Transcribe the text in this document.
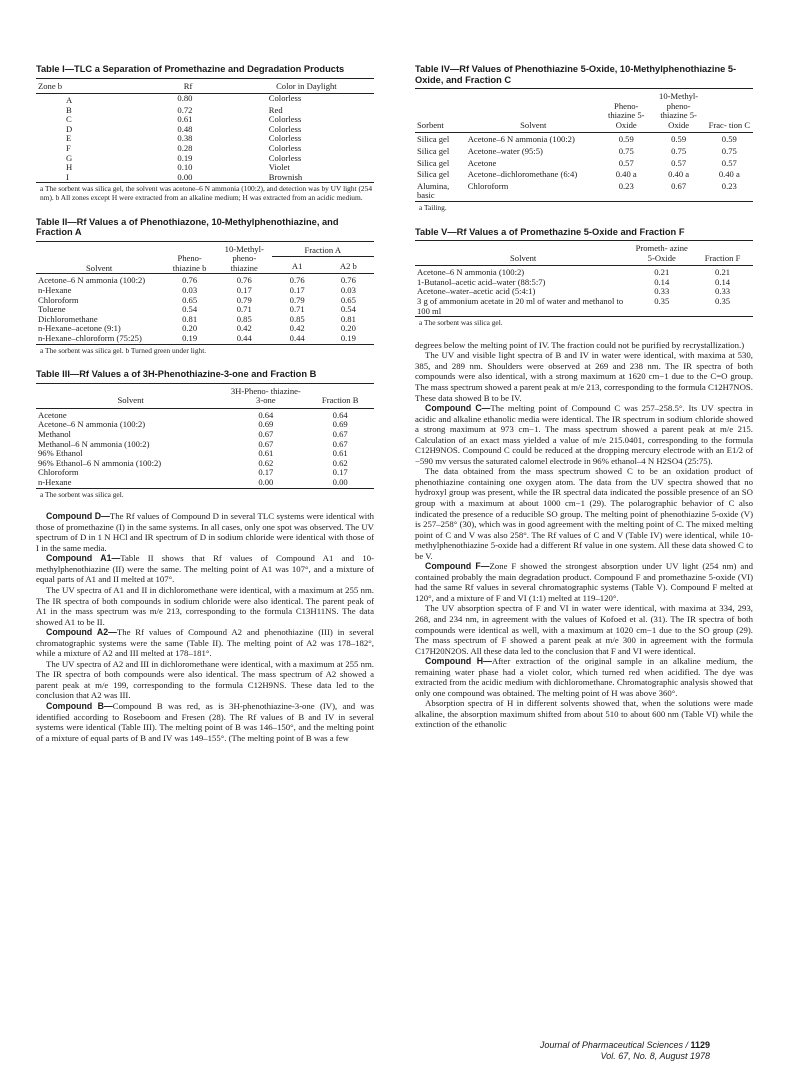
Table I—TLC a Separation of Promethazine and Degradation Products
Zone b	Rf	Color in Daylight
A	0.80	Colorless
B	0.72	Red
C	0.61	Colorless
D	0.48	Colorless
E	0.38	Colorless
F	0.28	Colorless
G	0.19	Colorless
H	0.10	Violet
I	0.00	Brownish
a The sorbent was silica gel, the solvent was acetone–6 N ammonia (100:2), and detection was by UV light (254 nm). b All zones except H were extracted from an alkaline medium; H was extracted from an acidic medium.
Table II—Rf Values a of Phenothiazone, 10-Methylphenothiazine, and Fraction A
Solvent	Pheno- thiazine b	10-Methyl- pheno- thiazine	Fraction A	
			A1	A2 b
Acetone–6 N ammonia (100:2)	0.76	0.76	0.76	0.76
n-Hexane	0.03	0.17	0.17	0.03
Chloroform	0.65	0.79	0.79	0.65
Toluene	0.54	0.71	0.71	0.54
Dichloromethane	0.81	0.85	0.85	0.81
n-Hexane–acetone (9:1)	0.20	0.42	0.42	0.20
n-Hexane–chloroform (75:25)	0.19	0.44	0.44	0.19
a The sorbent was silica gel. b Turned green under light.
Table III—Rf Values a of 3H-Phenothiazine-3-one and Fraction B
Solvent	3H-Pheno- thiazine- 3-one	Fraction B
Acetone	0.64	0.64
Acetone–6 N ammonia (100:2)	0.69	0.69
Methanol	0.67	0.67
Methanol–6 N ammonia (100:2)	0.67	0.67
96% Ethanol	0.61	0.61
96% Ethanol–6 N ammonia (100:2)	0.62	0.62
Chloroform	0.17	0.17
n-Hexane	0.00	0.00
a The sorbent was silica gel.

Compound D—The Rf values of Compound D in several TLC systems were identical with those of promethazine (I) in the same systems. In all cases, only one spot was observed. The UV spectrum of D in 1 N HCl and IR spectrum of D in sodium chloride were identical with those of I in the same media.

Compound A1—Table II shows that Rf values of Compound A1 and 10-methylphenothiazine (II) were the same. The melting point of A1 was 107°, and a mixture of equal parts of A1 and II melted at 107°.

The UV spectra of A1 and II in dichloromethane were identical, with a maximum at 255 nm. The IR spectra of both compounds in sodium chloride were also identical. The parent peak of A1 in the mass spectrum was m/e 213, corresponding to the formula C13H11NS. The data showed A1 to be II.

Compound A2—The Rf values of Compound A2 and phenothiazine (III) in several chromatographic systems were the same (Table II). The melting point of A2 was 178–182°, while a mixture of A2 and III melted at 178–181°.

The UV spectra of A2 and III in dichloromethane were identical, with a maximum at 255 nm. The IR spectra of both compounds were also identical. The mass spectrum of A2 showed a parent peak at m/e 199, corresponding to the formula C12H9NS. These data led to the conclusion that A2 was III.

Compound B—Compound B was red, as is 3H-phenothiazine-3-one (IV), and was identified according to Roseboom and Fresen (28). The Rf values of B and IV in several systems were identical (Table III). The melting point of B was 146–150°, and the melting point of a mixture of equal parts of B and IV was 149–155°. (The melting point of B was a few

Table IV—Rf Values of Phenothiazine 5-Oxide, 10-Methylphenothiazine 5-Oxide, and Fraction C
Sorbent	Solvent	Pheno- thiazine 5-Oxide	10-Methyl- pheno- thiazine 5-Oxide	Frac- tion C
Silica gel	Acetone–6 N ammonia (100:2)	0.59	0.59	0.59
Silica gel	Acetone–water (95:5)	0.75	0.75	0.75
Silica gel	Acetone	0.57	0.57	0.57
Silica gel	Acetone–dichloromethane (6:4)	0.40 a	0.40 a	0.40 a
Alumina, basic	Chloroform	0.23	0.67	0.23
a Tailing.
Table V—Rf Values a of Promethazine 5-Oxide and Fraction F
Solvent	Prometh- azine 5-Oxide	Fraction F
Acetone–6 N ammonia (100:2)	0.21	0.21
1-Butanol–acetic acid–water (88:5:7)	0.14	0.14
Acetone–water–acetic acid (5:4:1)	0.33	0.33
3 g of ammonium acetate in 20 ml of water and methanol to 100 ml	0.35	0.35
a The sorbent was silica gel.

degrees below the melting point of IV. The fraction could not be purified by recrystallization.)

The UV and visible light spectra of B and IV in water were identical, with maxima at 530, 385, and 289 nm. Shoulders were observed at 269 and 238 nm. The IR spectra of both compounds were also identical, with a strong maximum at 1620 cm−1 due to the C=O group. The mass spectrum showed a parent peak at m/e 213, corresponding to the formula C12H7NOS. These data showed B to be IV.

Compound C—The melting point of Compound C was 257–258.5°. Its UV spectra in acidic and alkaline ethanolic media were identical. The IR spectrum in sodium chloride showed a strong maximum at 973 cm−1. The mass spectrum showed a parent peak at m/e 215. Calculation of an exact mass yielded a value of m/e 215.0401, corresponding to the formula C12H9NOS. Compound C could be reduced at the dropping mercury electrode with an E1/2 of −590 mv versus the saturated calomel electrode in 96% ethanol–4 N H2SO4 (25:75).

The data obtained from the mass spectrum showed C to be an oxidation product of phenothiazine containing one oxygen atom. The data from the UV spectra showed that no hydroxyl group was present, while the IR spectral data indicated the possible presence of an SO group with a maximum at about 1000 cm−1 (29). The polarographic behavior of C also indicated the presence of a reducible SO group. The melting point of phenothiazine 5-oxide (V) is 257–258° (30), which was in good agreement with the melting point of C. The mixed melting point of C and V was also 258°. The Rf values of C and V (Table IV) were identical, while 10-methylphenothiazine 5-oxide had a different Rf value in one system. All these data showed C to be V.

Compound F—Zone F showed the strongest absorption under UV light (254 nm) and contained probably the main degradation product. Compound F and promethazine 5-oxide (VI) had the same Rf values in several chromatographic systems (Table V). Compound F melted at 120°, and a mixture of F and VI (1:1) melted at 119–120°.

The UV absorption spectra of F and VI in water were identical, with maxima at 334, 293, 268, and 234 nm, in agreement with the values of Kofoed et al. (31). The IR spectra of both compounds were identical as well, with a maximum at 1020 cm−1 due to the SO group (29). The mass spectrum of F showed a parent peak at m/e 300 in agreement with the formula C17H20N2OS. All these data led to the conclusion that F and VI were identical.

Compound H—After extraction of the original sample in an alkaline medium, the remaining water phase had a violet color, which turned red when acidified. The dye was extracted from the acidic medium with dichloromethane. Chromatographic analysis showed that only one compound was obtained. The melting point of H was above 360°.

Absorption spectra of H in different solvents showed that, when the solutions were made alkaline, the absorption maximum shifted from about 510 to about 600 nm (Table VI) while the extinction of the ethanolic

Journal of Pharmaceutical Sciences / 1129
Vol. 67, No. 8, August 1978
